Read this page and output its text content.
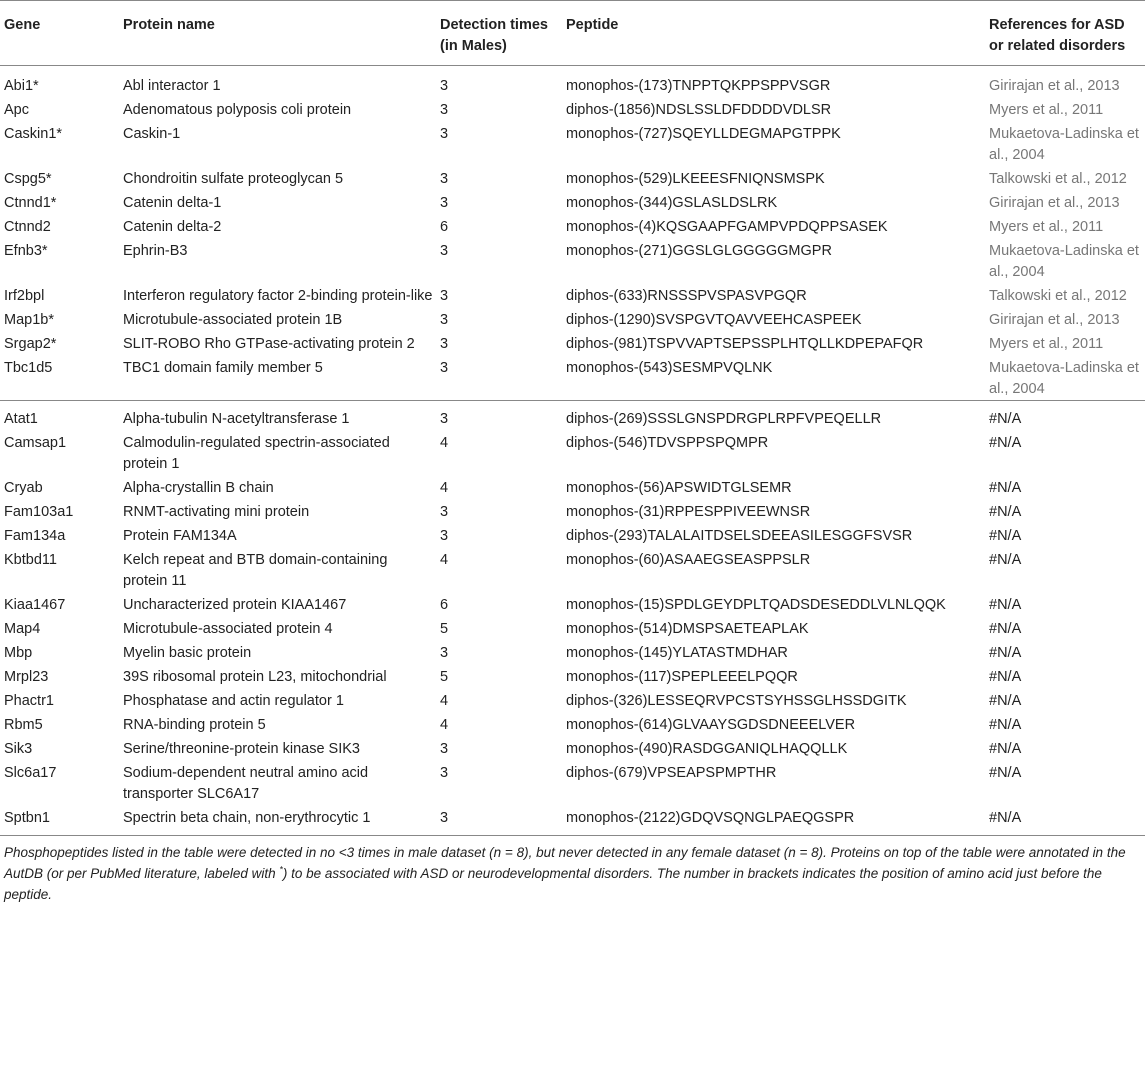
Gene	Protein name	Detection times (in Males)	Peptide	References for ASD or related disorders
Abi1*	Abl interactor 1	3	monophos-(173)TNPPTQKPPSPPVSGR	Girirajan et al., 2013
Apc	Adenomatous polyposis coli protein	3	diphos-(1856)NDSLSSLDFDDDDVDLSR	Myers et al., 2011
Caskin1*	Caskin-1	3	monophos-(727)SQEYLLDEGMAPGTPPK	Mukaetova-Ladinska et al., 2004
Cspg5*	Chondroitin sulfate proteoglycan 5	3	monophos-(529)LKEEESFNIQNSMSPK	Talkowski et al., 2012
Ctnnd1*	Catenin delta-1	3	monophos-(344)GSLASLDSLRK	Girirajan et al., 2013
Ctnnd2	Catenin delta-2	6	monophos-(4)KQSGAAPFGAMPVPDQPPSASEK	Myers et al., 2011
Efnb3*	Ephrin-B3	3	monophos-(271)GGSLGLGGGGGMGPR	Mukaetova-Ladinska et al., 2004
Irf2bpl	Interferon regulatory factor 2-binding protein-like	3	diphos-(633)RNSSSPVSPASVPGQR	Talkowski et al., 2012
Map1b*	Microtubule-associated protein 1B	3	diphos-(1290)SVSPGVTQAVVEEHCASPEEK	Girirajan et al., 2013
Srgap2*	SLIT-ROBO Rho GTPase-activating protein 2	3	diphos-(981)TSPVVAPTSEPSSPLHTQLLKDPEPAFQR	Myers et al., 2011
Tbc1d5	TBC1 domain family member 5	3	monophos-(543)SESMPVQLNK	Mukaetova-Ladinska et al., 2004
Atat1	Alpha-tubulin N-acetyltransferase 1	3	diphos-(269)SSSLGNSPDRGPLRPFVPEQELLR	#N/A
Camsap1	Calmodulin-regulated spectrin-associated protein 1	4	diphos-(546)TDVSPPSPQMPR	#N/A
Cryab	Alpha-crystallin B chain	4	monophos-(56)APSWIDTGLSEMR	#N/A
Fam103a1	RNMT-activating mini protein	3	monophos-(31)RPPESPPIVEEWNSR	#N/A
Fam134a	Protein FAM134A	3	diphos-(293)TALALAITDSELSDEEASILESGGFSVSR	#N/A
Kbtbd11	Kelch repeat and BTB domain-containing protein 11	4	monophos-(60)ASAAEGSEASPPSLR	#N/A
Kiaa1467	Uncharacterized protein KIAA1467	6	monophos-(15)SPDLGEYDPLTQADSDESEDDLVLNLQQK	#N/A
Map4	Microtubule-associated protein 4	5	monophos-(514)DMSPSAETEAPLAK	#N/A
Mbp	Myelin basic protein	3	monophos-(145)YLATASTMDHAR	#N/A
Mrpl23	39S ribosomal protein L23, mitochondrial	5	monophos-(117)SPEPLEEELPQQR	#N/A
Phactr1	Phosphatase and actin regulator 1	4	diphos-(326)LESSEQRVPCSTSYHSSGLHSSDGITK	#N/A
Rbm5	RNA-binding protein 5	4	monophos-(614)GLVAAYSGDSDNEEELVER	#N/A
Sik3	Serine/threonine-protein kinase SIK3	3	monophos-(490)RASDGGANIQLHAQQLLK	#N/A
Slc6a17	Sodium-dependent neutral amino acid transporter SLC6A17	3	diphos-(679)VPSEAPSPMPTHR	#N/A
Sptbn1	Spectrin beta chain, non-erythrocytic 1	3	monophos-(2122)GDQVSQNGLPAEQGSPR	#N/A
Phosphopeptides listed in the table were detected in no <3 times in male dataset (n = 8), but never detected in any female dataset (n = 8). Proteins on top of the table were annotated in the AutDB (or per PubMed literature, labeled with *) to be associated with ASD or neurodevelopmental disorders. The number in brackets indicates the position of amino acid just before the peptide.
